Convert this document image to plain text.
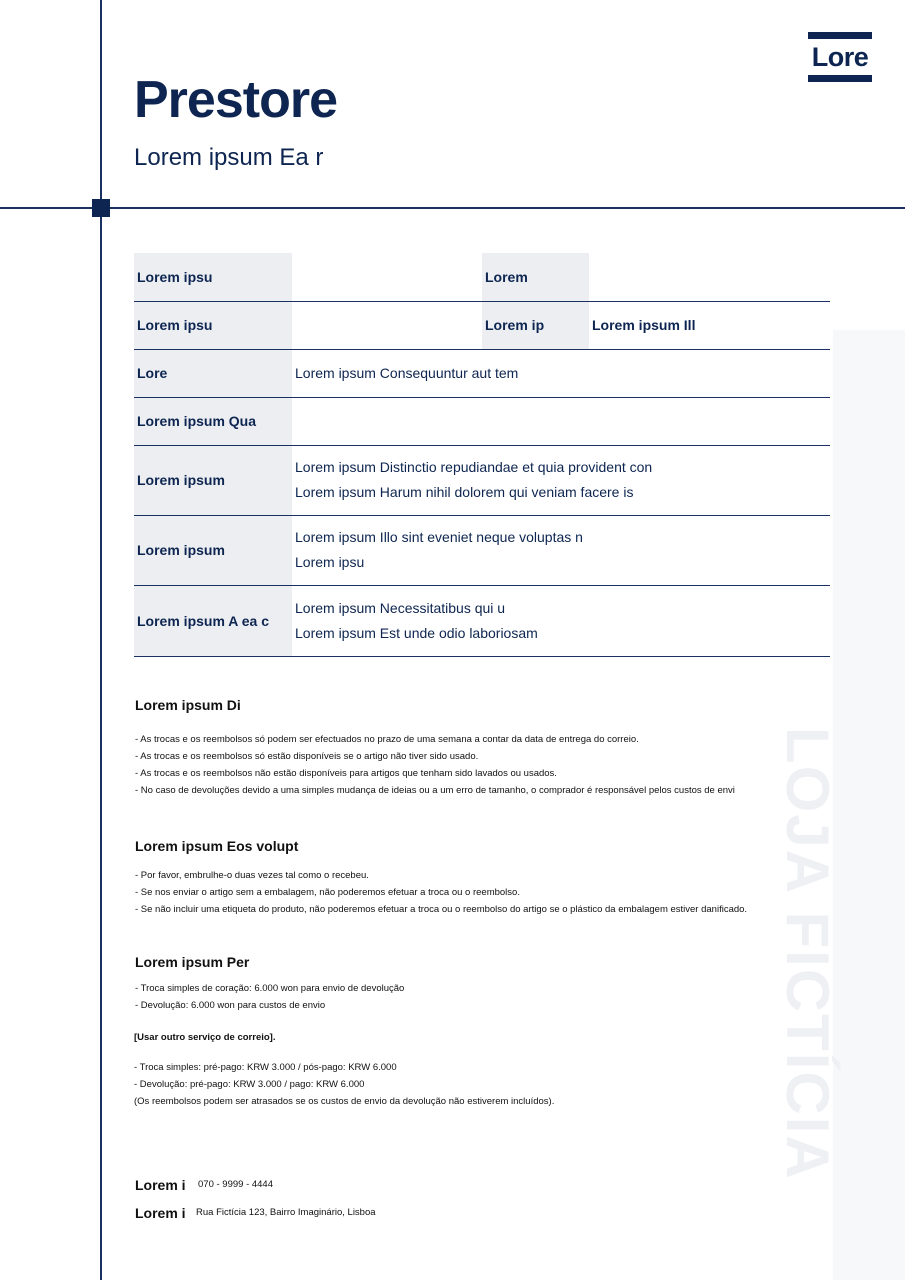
LOJA FICTÍCIA
Lore
Prestore
Lorem ipsum Ea r
Lorem ipsu		Lorem	
Lorem ipsu		Lorem ip	Lorem ipsum Ill
Lore	Lorem ipsum Consequuntur aut tem		
Lorem ipsum Qua			
Lorem ipsum	Lorem ipsum Distinctio repudiandae et quia provident con
Lorem ipsum Harum nihil dolorem qui veniam facere is		

Lorem ipsum	Lorem ipsum Illo sint eveniet neque voluptas n
Lorem ipsu		

Lorem ipsum A ea c	Lorem ipsum Necessitatibus qui u
Lorem ipsum Est unde odio laboriosam		
Lorem ipsum Di
- As trocas e os reembolsos só podem ser efectuados no prazo de uma semana a contar da data de entrega do correio.
- As trocas e os reembolsos só estão disponíveis se o artigo não tiver sido usado.
- As trocas e os reembolsos não estão disponíveis para artigos que tenham sido lavados ou usados.
- No caso de devoluções devido a uma simples mudança de ideias ou a um erro de tamanho, o comprador é responsável pelos custos de envi
Lorem ipsum Eos volupt
- Por favor, embrulhe-o duas vezes tal como o recebeu.
- Se nos enviar o artigo sem a embalagem, não poderemos efetuar a troca ou o reembolso.
- Se não incluir uma etiqueta do produto, não poderemos efetuar a troca ou o reembolso do artigo se o plástico da embalagem estiver danificado.
Lorem ipsum Per
- Troca simples de coração: 6.000 won para envio de devolução
- Devolução: 6.000 won para custos de envio
[Usar outro serviço de correio].
- Troca simples: pré-pago: KRW 3.000 / pós-pago: KRW 6.000
- Devolução: pré-pago: KRW 3.000 / pago: KRW 6.000
(Os reembolsos podem ser atrasados se os custos de envio da devolução não estiverem incluídos).
Lorem i 070 - 9999 - 4444
Lorem i Rua Fictícia 123, Bairro Imaginário, Lisboa
